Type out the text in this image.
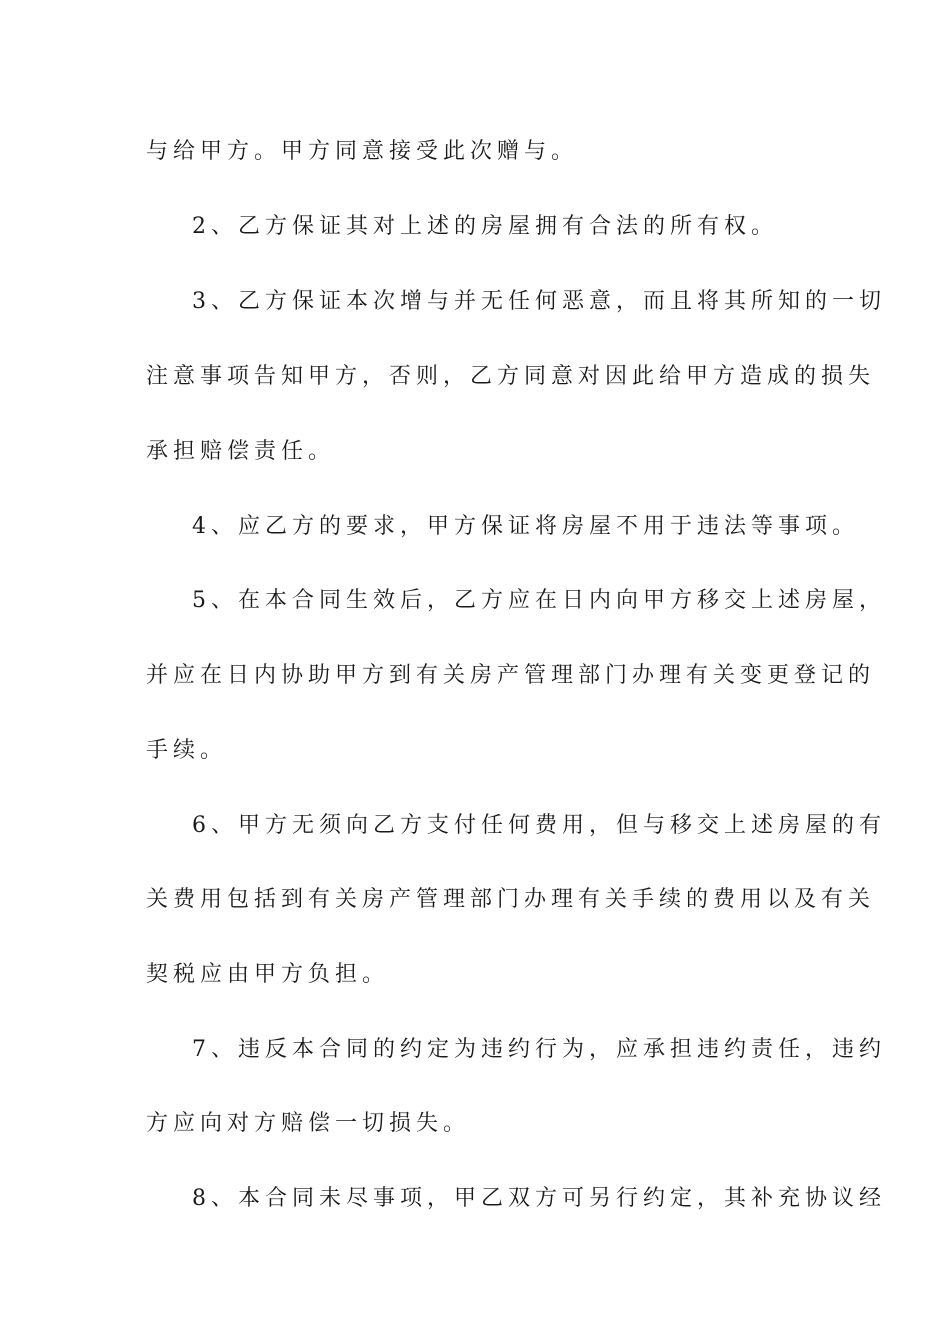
与给甲方。甲方同意接受此次赠与。
2、乙方保证其对上述的房屋拥有合法的所有权。
3、乙方保证本次增与并无任何恶意，而且将其所知的一切
注意事项告知甲方，否则，乙方同意对因此给甲方造成的损失
承担赔偿责任。
4、应乙方的要求，甲方保证将房屋不用于违法等事项。
5、在本合同生效后，乙方应在日内向甲方移交上述房屋，
并应在日内协助甲方到有关房产管理部门办理有关变更登记的
手续。
6、甲方无须向乙方支付任何费用，但与移交上述房屋的有
关费用包括到有关房产管理部门办理有关手续的费用以及有关
契税应由甲方负担。
7、违反本合同的约定为违约行为，应承担违约责任，违约
方应向对方赔偿一切损失。
8、本合同未尽事项，甲乙双方可另行约定，其补充协议经
